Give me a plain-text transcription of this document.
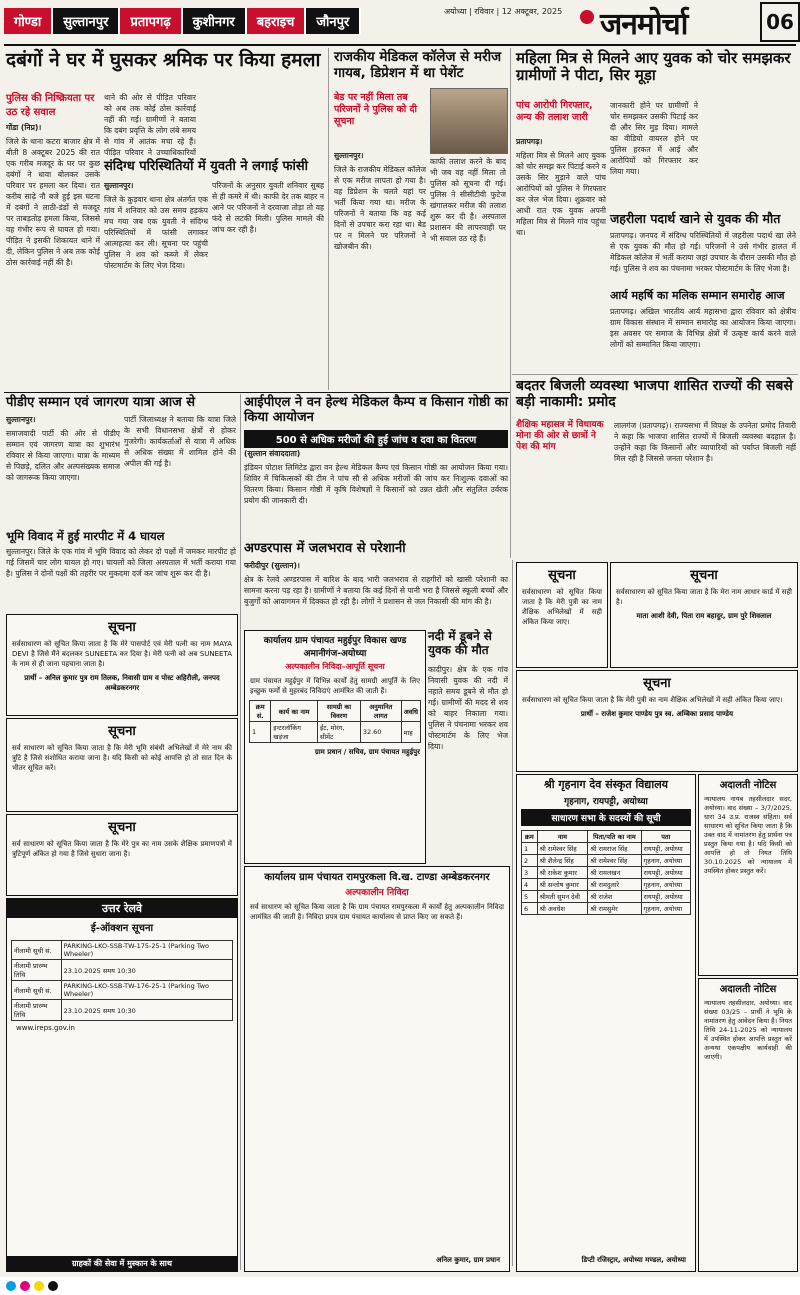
गोण्डा	सुल्तानपुर	प्रतापगढ़	कुशीनगर	बहराइच	जौनपुर
अयोध्या | रविवार | 12 अक्टूबर, 2025 जनमोर्चा	06
दबंगों ने घर में घुसकर श्रमिक पर किया हमला
पुलिस की निष्क्रियता पर उठ रहे सवाल

गोंडा (निप्र)।

जिले के थाना कटरा बाजार क्षेत्र में बीती 8 अक्टूबर 2025 की रात एक गरीब मजदूर के घर पर कुछ दबंगों ने धावा बोलकर उसके परिवार पर हमला कर दिया। रात करीब साढ़े नौ बजे हुई इस घटना में दबंगों ने लाठी-डंडों से मजदूर पर ताबड़तोड़ हमला किया, जिससे वह गंभीर रूप से घायल हो गया। पीड़ित ने इसकी शिकायत थाने में दी, लेकिन पुलिस ने अब तक कोई ठोस कार्रवाई नहीं की है।

थाने की ओर से पीड़ित परिवार को अब तक कोई ठोस कार्रवाई नहीं की गई। ग्रामीणों ने बताया कि दबंग प्रवृत्ति के लोग लंबे समय से गांव में आतंक मचा रहे हैं। पीड़ित परिवार ने उच्चाधिकारियों

संदिग्ध परिस्थितियों में युवती ने लगाई फांसी

सुल्तानपुर।

जिले के कुड़वार थाना क्षेत्र अंतर्गत एक गांव में शनिवार को उस समय हड़कंप मच गया जब एक युवती ने संदिग्ध परिस्थितियों में फांसी लगाकर आत्महत्या कर ली। सूचना पर पहुंची पुलिस ने शव को कब्जे में लेकर पोस्टमार्टम के लिए भेज दिया।

परिजनों के अनुसार युवती शनिवार सुबह से ही कमरे में थी। काफी देर तक बाहर न आने पर परिजनों ने दरवाजा तोड़ा तो वह फंदे से लटकी मिली। पुलिस मामले की जांच कर रही है।

राजकीय मेडिकल कॉलेज से मरीज गायब, डिप्रेशन में था पेशेंट
बेड पर नहीं मिला तब परिजनों ने पुलिस को दी सूचना

सुल्तानपुर।

जिले के राजकीय मेडिकल कॉलेज से एक मरीज लापता हो गया है। वह डिप्रेशन के चलते यहां पर भर्ती किया गया था। मरीज के परिजनों ने बताया कि वह कई दिनों से उपचार करा रहा था। बेड पर न मिलने पर परिजनों ने खोजबीन की।

काफी तलाश करने के बाद भी जब वह नहीं मिला तो पुलिस को सूचना दी गई। पुलिस ने सीसीटीवी फुटेज खंगालकर मरीज की तलाश शुरू कर दी है। अस्पताल प्रशासन की लापरवाही पर भी सवाल उठ रहे हैं।

महिला मित्र से मिलने आए युवक को चोर समझकर ग्रामीणों ने पीटा, सिर मूड़ा
पांच आरोपी गिरफ्तार, अन्य की तलाश जारी

प्रतापगढ़।

महिला मित्र से मिलने आए युवक को चोर समझ कर पिटाई करने व उसके सिर मुड़ाने वाले पांच आरोपियों को पुलिस ने गिरफ्तार कर जेल भेज दिया। शुक्रवार को आधी रात एक युवक अपनी महिला मित्र से मिलने गांव पहुंचा था।

जानकारी होने पर ग्रामीणों ने चोर समझकर उसकी पिटाई कर दी और सिर मुड़ दिया। मामले का वीडियो वायरल होने पर पुलिस हरकत में आई और आरोपियों को गिरफ्तार कर लिया गया।

जहरीला पदार्थ खाने से युवक की मौत

प्रतापगढ़। जनपद में संदिग्ध परिस्थितियों में जहरीला पदार्थ खा लेने से एक युवक की मौत हो गई। परिजनों ने उसे गंभीर हालत में मेडिकल कॉलेज में भर्ती कराया जहां उपचार के दौरान उसकी मौत हो गई। पुलिस ने शव का पंचनामा भरकर पोस्टमार्टम के लिए भेजा है।

आर्य महर्षि का मलिक सम्मान समारोह आज

प्रतापगढ़। अखिल भारतीय आर्य महासभा द्वारा रविवार को क्षेत्रीय ग्राम विकास संस्थान में सम्मान समारोह का आयोजन किया जाएगा। इस अवसर पर समाज के विभिन्न क्षेत्रों में उत्कृष्ट कार्य करने वाले लोगों को सम्मानित किया जाएगा।

बदतर बिजली व्यवस्था भाजपा शासित राज्यों की सबसे बड़ी नाकामी: प्रमोद
शैक्षिक महासत्र में विधायक मोना की ओर से छात्रों ने पेश की मांग

लालगंज (प्रतापगढ़)। राज्यसभा में विपक्ष के उपनेता प्रमोद तिवारी ने कहा कि भाजपा शासित राज्यों में बिजली व्यवस्था बदहाल है। उन्होंने कहा कि किसानों और व्यापारियों को पर्याप्त बिजली नहीं मिल रही है जिससे जनता परेशान है।

पीडीए सम्मान एवं जागरण यात्रा आज से

सुल्तानपुर।

समाजवादी पार्टी की ओर से पीडीए सम्मान एवं जागरण यात्रा का शुभारंभ रविवार से किया जाएगा। यात्रा के माध्यम से पिछड़े, दलित और अल्पसंख्यक समाज को जागरूक किया जाएगा।

पार्टी जिलाध्यक्ष ने बताया कि यात्रा जिले के सभी विधानसभा क्षेत्रों से होकर गुजरेगी। कार्यकर्ताओं से यात्रा में अधिक से अधिक संख्या में शामिल होने की अपील की गई है।

भूमि विवाद में हुई मारपीट में 4 घायल

सुल्तानपुर। जिले के एक गांव में भूमि विवाद को लेकर दो पक्षों में जमकर मारपीट हो गई जिसमें चार लोग घायल हो गए। घायलों को जिला अस्पताल में भर्ती कराया गया है। पुलिस ने दोनों पक्षों की तहरीर पर मुकदमा दर्ज कर जांच शुरू कर दी है।

सूचना
सर्वसाधारण को सूचित किया जाता है कि मेरे पासपोर्ट एवं मेरी पत्नी का नाम MAYA DEVI है जिसे मैंने बदलकर SUNEETA कर दिया है। मेरी पत्नी को अब SUNEETA के नाम से ही जाना पहचाना जाता है।
प्रार्थी – अनिल कुमार पुत्र राम तिलक, निवासी ग्राम व पोस्ट अहिरौली, जनपद अम्बेडकरनगर
सूचना
सर्व साधारण को सूचित किया जाता है कि मेरी भूमि संबंधी अभिलेखों में मेरे नाम की त्रुटि है जिसे संशोधित कराया जाना है। यदि किसी को कोई आपत्ति हो तो सात दिन के भीतर सूचित करें।
सूचना
सर्व साधारण को सूचित किया जाता है कि मेरे पुत्र का नाम उसके शैक्षिक प्रमाणपत्रों में त्रुटिपूर्ण अंकित हो गया है जिसे सुधारा जाना है।
उत्तर रेलवे
ई-ऑक्शन सूचना
नीलामी सूची सं.	PARKING-LKO-SSB-TW-175-25-1 (Parking Two Wheeler)
नीलामी प्रारम्भ तिथि	23.10.2025 समय 10:30
नीलामी सूची सं.	PARKING-LKO-SSB-TW-176-25-1 (Parking Two Wheeler)
नीलामी प्रारम्भ तिथि	23.10.2025 समय 10:30
www.ireps.gov.in
ग्राहकों की सेवा में मुस्कान के साथ
आईपीएल ने वन हेल्थ मेडिकल कैम्प व किसान गोष्ठी का किया आयोजन
500 से अधिक मरीजों की हुई जांच व दवा का वितरण

(सुल्तान संवाददाता)

इंडियन पोटाश लिमिटेड द्वारा वन हेल्थ मेडिकल कैम्प एवं किसान गोष्ठी का आयोजन किया गया। शिविर में चिकित्सकों की टीम ने पांच सौ से अधिक मरीजों की जांच कर निःशुल्क दवाओं का वितरण किया। किसान गोष्ठी में कृषि विशेषज्ञों ने किसानों को उन्नत खेती और संतुलित उर्वरक प्रयोग की जानकारी दी।

अण्डरपास में जलभराव से परेशानी

फरीदीपुर (सुल्तान)।

क्षेत्र के रेलवे अण्डरपास में बारिश के बाद भारी जलभराव से राहगीरों को खासी परेशानी का सामना करना पड़ रहा है। ग्रामीणों ने बताया कि कई दिनों से पानी भरा है जिससे स्कूली बच्चों और बुजुर्गों को आवागमन में दिक्कत हो रही है। लोगों ने प्रशासन से जल निकासी की मांग की है।

नदी में डूबने से युवक की मौत

कादीपुर। क्षेत्र के एक गांव निवासी युवक की नदी में नहाते समय डूबने से मौत हो गई। ग्रामीणों की मदद से शव को बाहर निकाला गया। पुलिस ने पंचनामा भरकर शव पोस्टमार्टम के लिए भेज दिया।

कार्यालय ग्राम पंचायत महुईपुर विकास खण्ड अमानीगंज-अयोध्या
अल्पकालीन निविदा–आपूर्ति सूचना
ग्राम पंचायत महुईपुर में विभिन्न कार्यों हेतु सामग्री आपूर्ति के लिए इच्छुक फर्मों से मुहरबंद निविदाएं आमंत्रित की जाती हैं।
क्रम सं.	कार्य का नाम	सामग्री का विवरण	अनुमानित लागत	अवधि
1	इन्टरलॉकिंग खड़ंजा	ईंट, मोरंग, सीमेंट	32.60	माह
ग्राम प्रधान / सचिव, ग्राम पंचायत महुईपुर
कार्यालय ग्राम पंचायत रामपुरकला वि.ख. टाण्डा अम्बेडकरनगर
अल्पकालीन निविदा
सर्व साधारण को सूचित किया जाता है कि ग्राम पंचायत रामपुरकला में कार्यों हेतु अल्पकालीन निविदा आमंत्रित की जाती है। निविदा प्रपत्र ग्राम पंचायत कार्यालय से प्राप्त किए जा सकते हैं।
अनिल कुमार, ग्राम प्रधान
सूचना
सर्वसाधारण को सूचित किया जाता है कि मेरी पुत्री का नाम शैक्षिक अभिलेखों में सही अंकित किया जाए।
सूचना
सर्वसाधारण को सूचित किया जाता है कि मेरा नाम आधार कार्ड में सही है।
माता आशी देवी, पिता राम बहादुर, ग्राम पुरे शिवलाल
सूचना
सर्वसाधारण को सूचित किया जाता है कि मेरी पुत्री का नाम शैक्षिक अभिलेखों में सही अंकित किया जाए।
प्रार्थी – राजेश कुमार पाण्डेय पुत्र स्व. अम्बिका प्रसाद पाण्डेय
अदालती नोटिस
न्यायालय नायब तहसीलदार सदर, अयोध्या। वाद संख्या – 3/7/2025, धारा 34 उ.प्र. राजस्व संहिता। सर्व साधारण को सूचित किया जाता है कि उक्त वाद में नामांतरण हेतु प्रार्थना पत्र प्रस्तुत किया गया है। यदि किसी को आपत्ति हो तो नियत तिथि 30.10.2025 को न्यायालय में उपस्थित होकर प्रस्तुत करें।
अदालती नोटिस
न्यायालय तहसीलदार, अयोध्या। वाद संख्या 03/25 – प्रार्थी ने भूमि के नामांतरण हेतु आवेदन किया है। नियत तिथि 24-11-2025 को न्यायालय में उपस्थित होकर आपत्ति प्रस्तुत करें अन्यथा एकपक्षीय कार्यवाही की जाएगी।
श्री गृहनाग देव संस्कृत विद्यालय
गृहनाग, रायपट्टी, अयोध्या
साधारण सभा के सदस्यों की सूची
क्रम	नाम	पिता/पति का नाम	पता
1	श्री रामेश्वर सिंह	श्री रामराज सिंह	रायपट्टी, अयोध्या
2	श्री शैलेन्द्र सिंह	श्री रामेश्वर सिंह	गृहनाग, अयोध्या
3	श्री राकेश कुमार	श्री रामलखन	रायपट्टी, अयोध्या
4	श्री सन्तोष कुमार	श्री रामदुलारे	गृहनाग, अयोध्या
5	श्रीमती सुमन देवी	श्री राजेश	रायपट्टी, अयोध्या
6	श्री अवधेश	श्री रामसुमेर	गृहनाग, अयोध्या
डिप्टी रजिस्ट्रार, अयोध्या मण्डल, अयोध्या
